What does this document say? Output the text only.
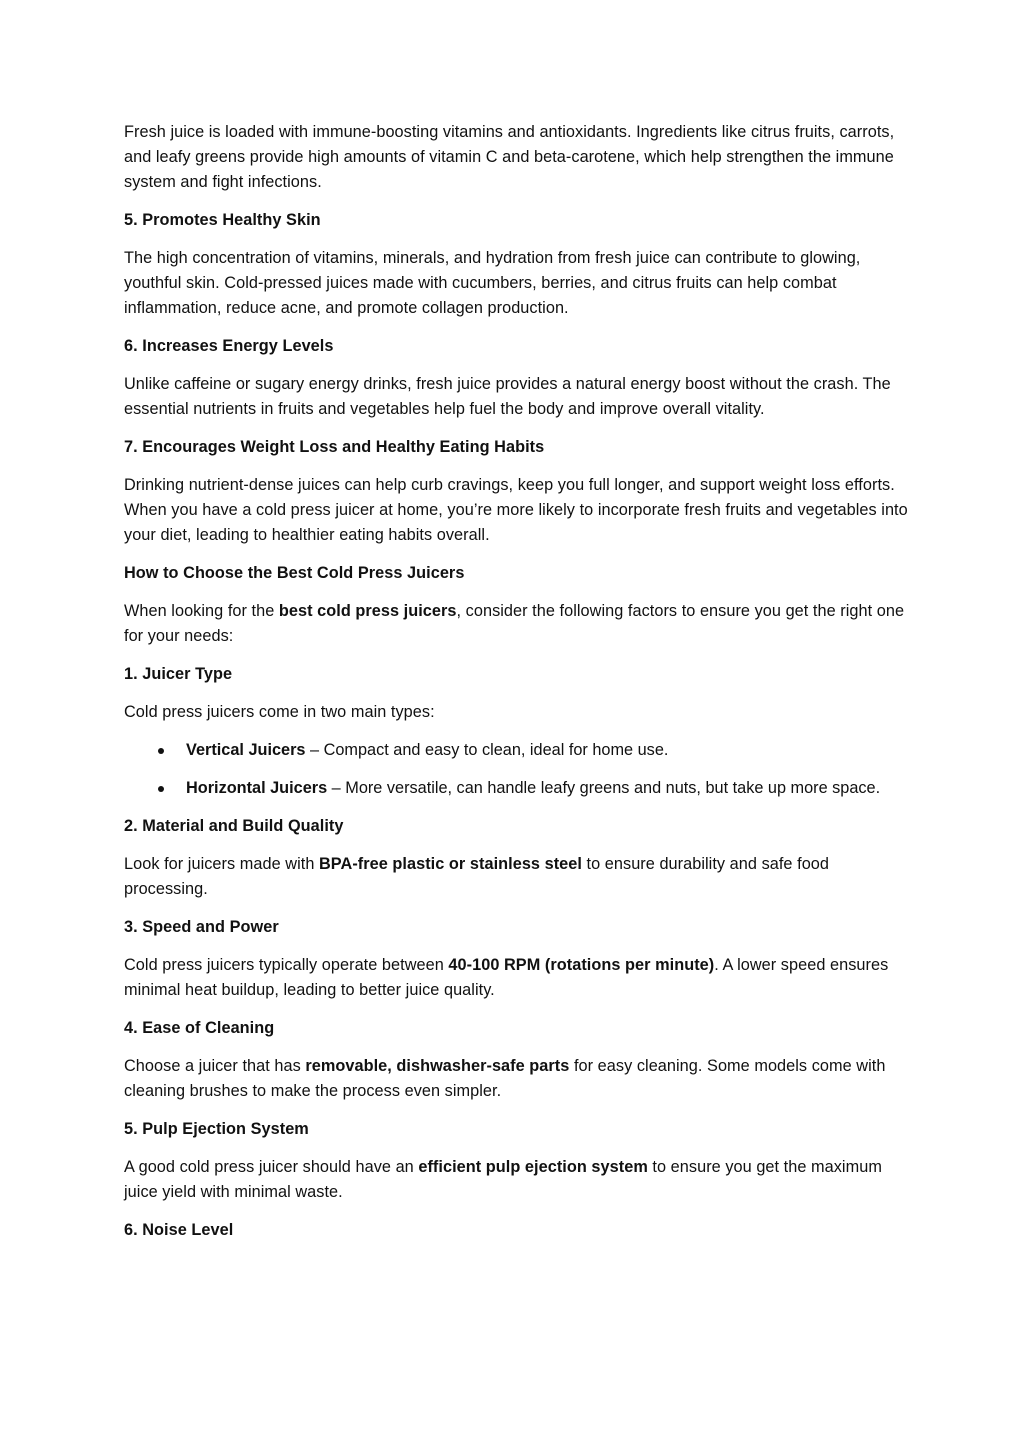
Fresh juice is loaded with immune-boosting vitamins and antioxidants. Ingredients like citrus fruits, carrots, and leafy greens provide high amounts of vitamin C and beta-carotene, which help strengthen the immune system and fight infections.

5. Promotes Healthy Skin

The high concentration of vitamins, minerals, and hydration from fresh juice can contribute to glowing, youthful skin. Cold-pressed juices made with cucumbers, berries, and citrus fruits can help combat inflammation, reduce acne, and promote collagen production.

6. Increases Energy Levels

Unlike caffeine or sugary energy drinks, fresh juice provides a natural energy boost without the crash. The essential nutrients in fruits and vegetables help fuel the body and improve overall vitality.

7. Encourages Weight Loss and Healthy Eating Habits

Drinking nutrient-dense juices can help curb cravings, keep you full longer, and support weight loss efforts. When you have a cold press juicer at home, you’re more likely to incorporate fresh fruits and vegetables into your diet, leading to healthier eating habits overall.

How to Choose the Best Cold Press Juicers

When looking for the best cold press juicers, consider the following factors to ensure you get the right one for your needs:

1. Juicer Type

Cold press juicers come in two main types:

Vertical Juicers – Compact and easy to clean, ideal for home use.
Horizontal Juicers – More versatile, can handle leafy greens and nuts, but take up more space.
2. Material and Build Quality

Look for juicers made with BPA-free plastic or stainless steel to ensure durability and safe food processing.

3. Speed and Power

Cold press juicers typically operate between 40-100 RPM (rotations per minute). A lower speed ensures minimal heat buildup, leading to better juice quality.

4. Ease of Cleaning

Choose a juicer that has removable, dishwasher-safe parts for easy cleaning. Some models come with cleaning brushes to make the process even simpler.

5. Pulp Ejection System

A good cold press juicer should have an efficient pulp ejection system to ensure you get the maximum juice yield with minimal waste.

6. Noise Level
